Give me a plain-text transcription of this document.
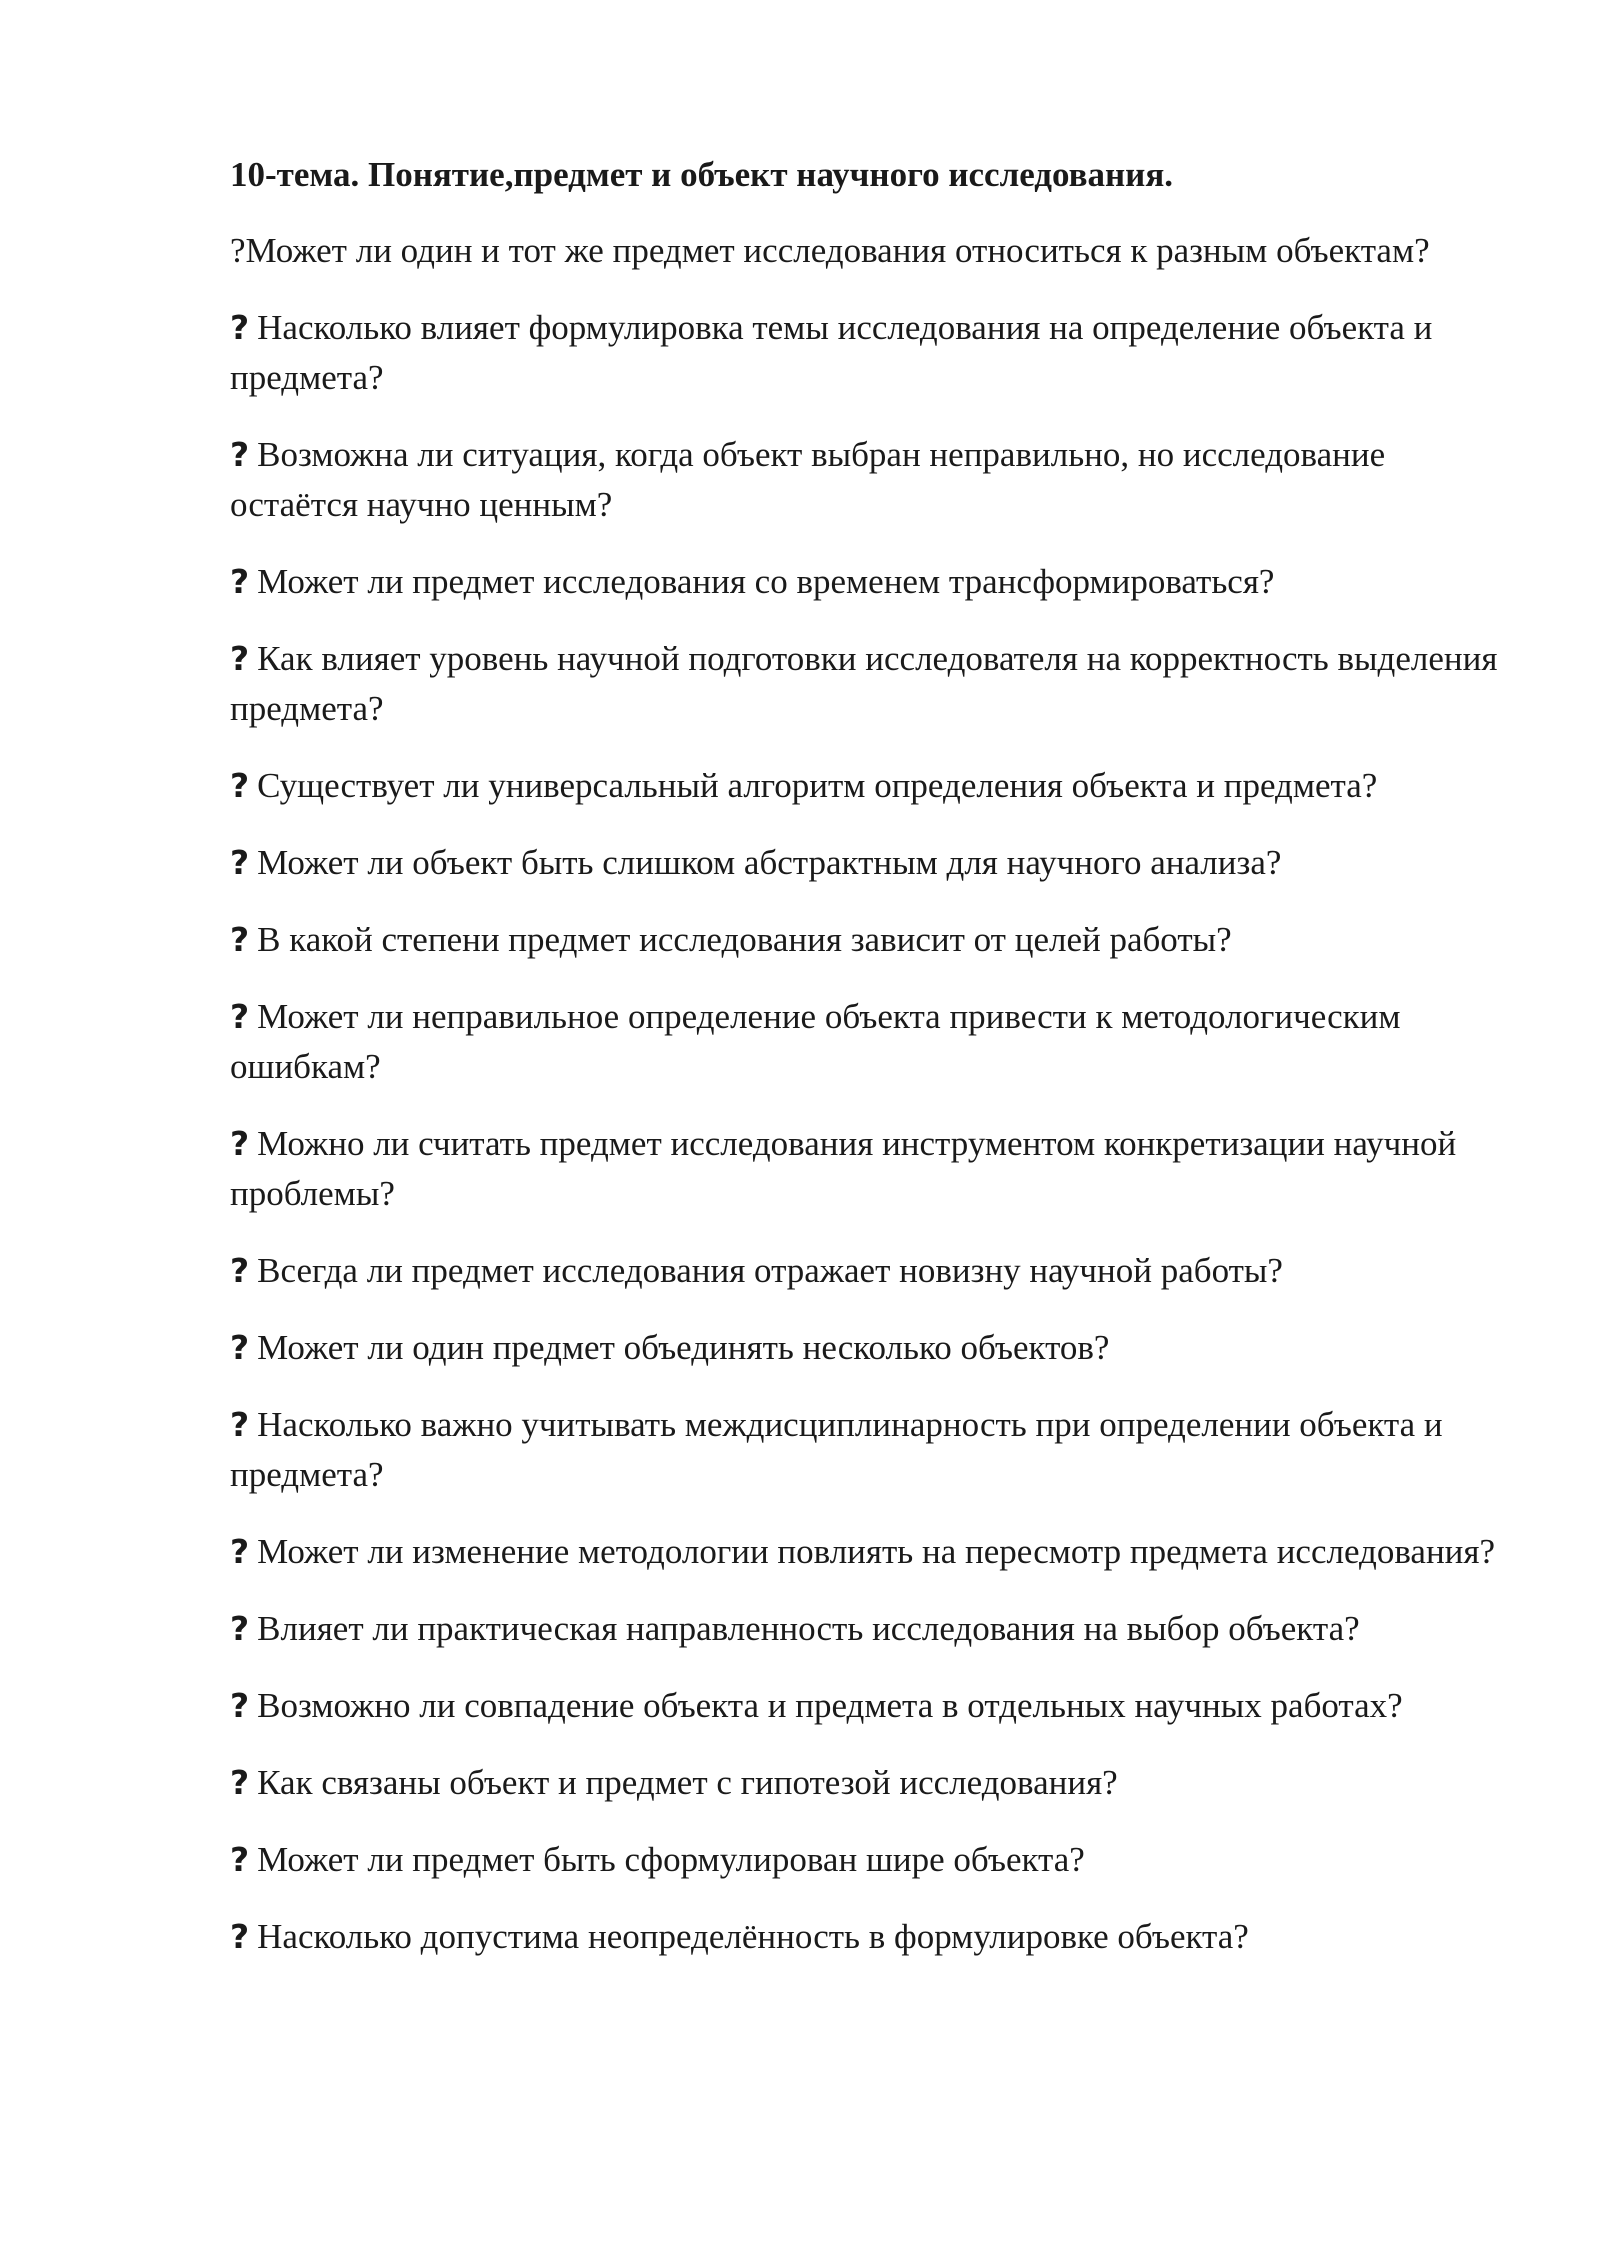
10-тема. Понятие,предмет и объект научного исследования.

?Может ли один и тот же предмет исследования относиться к разным объектам?

? Насколько влияет формулировка темы исследования на определение объекта и предмета?

? Возможна ли ситуация, когда объект выбран неправильно, но исследование остаётся научно ценным?

? Может ли предмет исследования со временем трансформироваться?

? Как влияет уровень научной подготовки исследователя на корректность выделения предмета?

? Существует ли универсальный алгоритм определения объекта и предмета?

? Может ли объект быть слишком абстрактным для научного анализа?

? В какой степени предмет исследования зависит от целей работы?

? Может ли неправильное определение объекта привести к методологическим ошибкам?

? Можно ли считать предмет исследования инструментом конкретизации научной проблемы?

? Всегда ли предмет исследования отражает новизну научной работы?

? Может ли один предмет объединять несколько объектов?

? Насколько важно учитывать междисциплинарность при определении объекта и предмета?

? Может ли изменение методологии повлиять на пересмотр предмета исследования?

? Влияет ли практическая направленность исследования на выбор объекта?

? Возможно ли совпадение объекта и предмета в отдельных научных работах?

? Как связаны объект и предмет с гипотезой исследования?

? Может ли предмет быть сформулирован шире объекта?

? Насколько допустима неопределённость в формулировке объекта?
